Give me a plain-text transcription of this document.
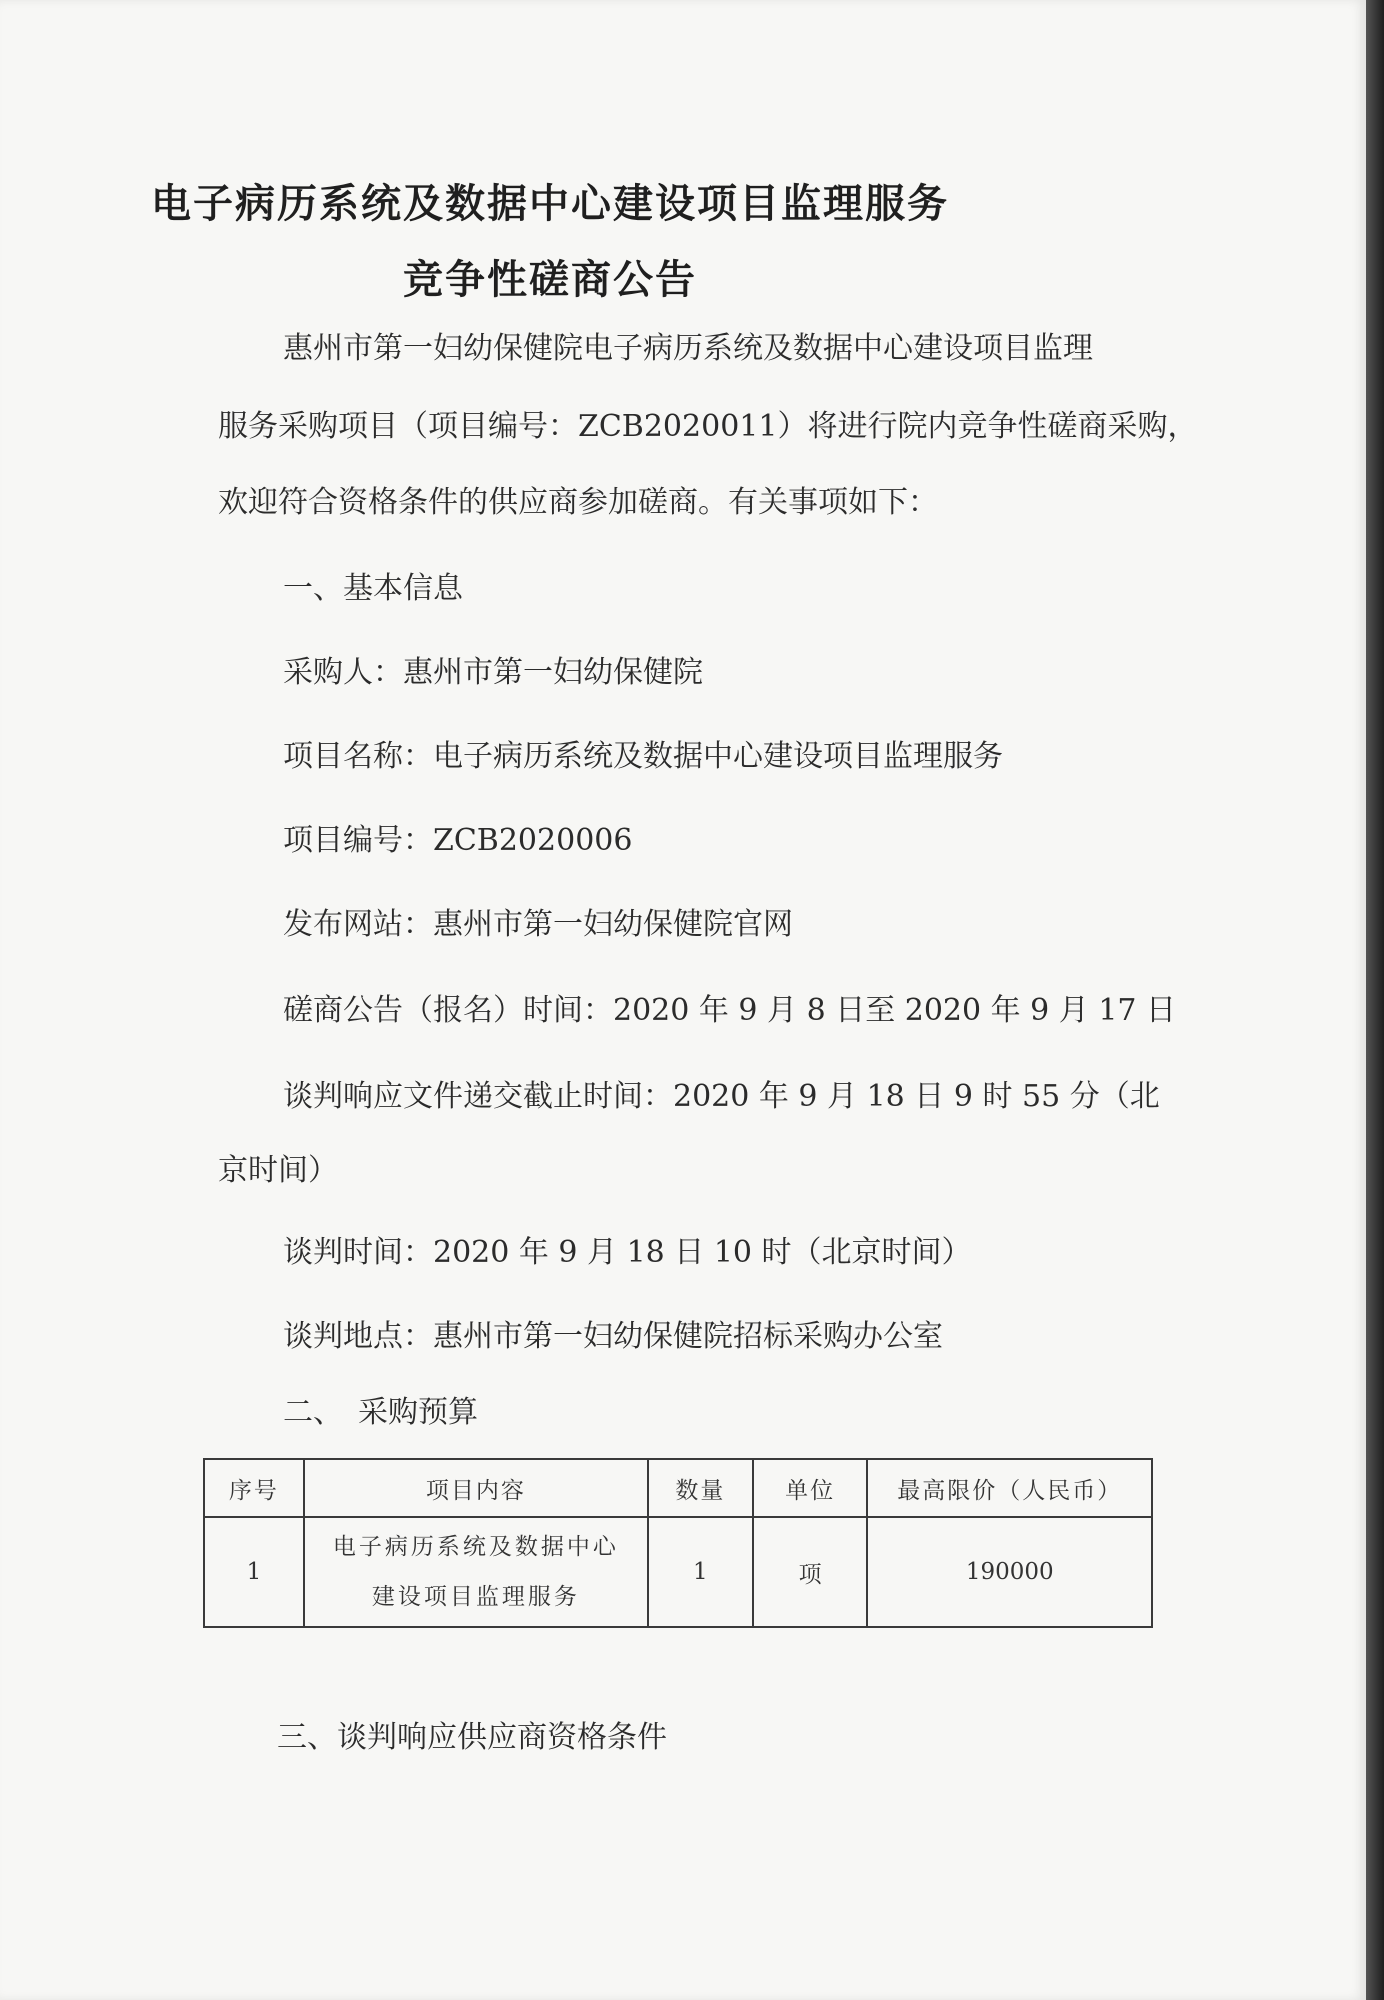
电子病历系统及数据中心建设项目监理服务
竞争性磋商公告

惠州市第一妇幼保健院电子病历系统及数据中心建设项目监理

服务采购项目（项目编号：ZCB2020011）将进行院内竞争性磋商采购，

欢迎符合资格条件的供应商参加磋商。有关事项如下：

一、基本信息

采购人：惠州市第一妇幼保健院

项目名称：电子病历系统及数据中心建设项目监理服务

项目编号：ZCB2020006

发布网站：惠州市第一妇幼保健院官网

磋商公告（报名）时间：2020 年 9 月 8 日至 2020 年 9 月 17 日

谈判响应文件递交截止时间：2020 年 9 月 18 日 9 时 55 分（北

京时间）

谈判时间：2020 年 9 月 18 日 10 时（北京时间）

谈判地点：惠州市第一妇幼保健院招标采购办公室

二、　采购预算

序号	项目内容	数量	单位	最高限价（人民币）
1	电子病历系统及数据中心
建设项目监理服务	1	项	190000

三、谈判响应供应商资格条件
